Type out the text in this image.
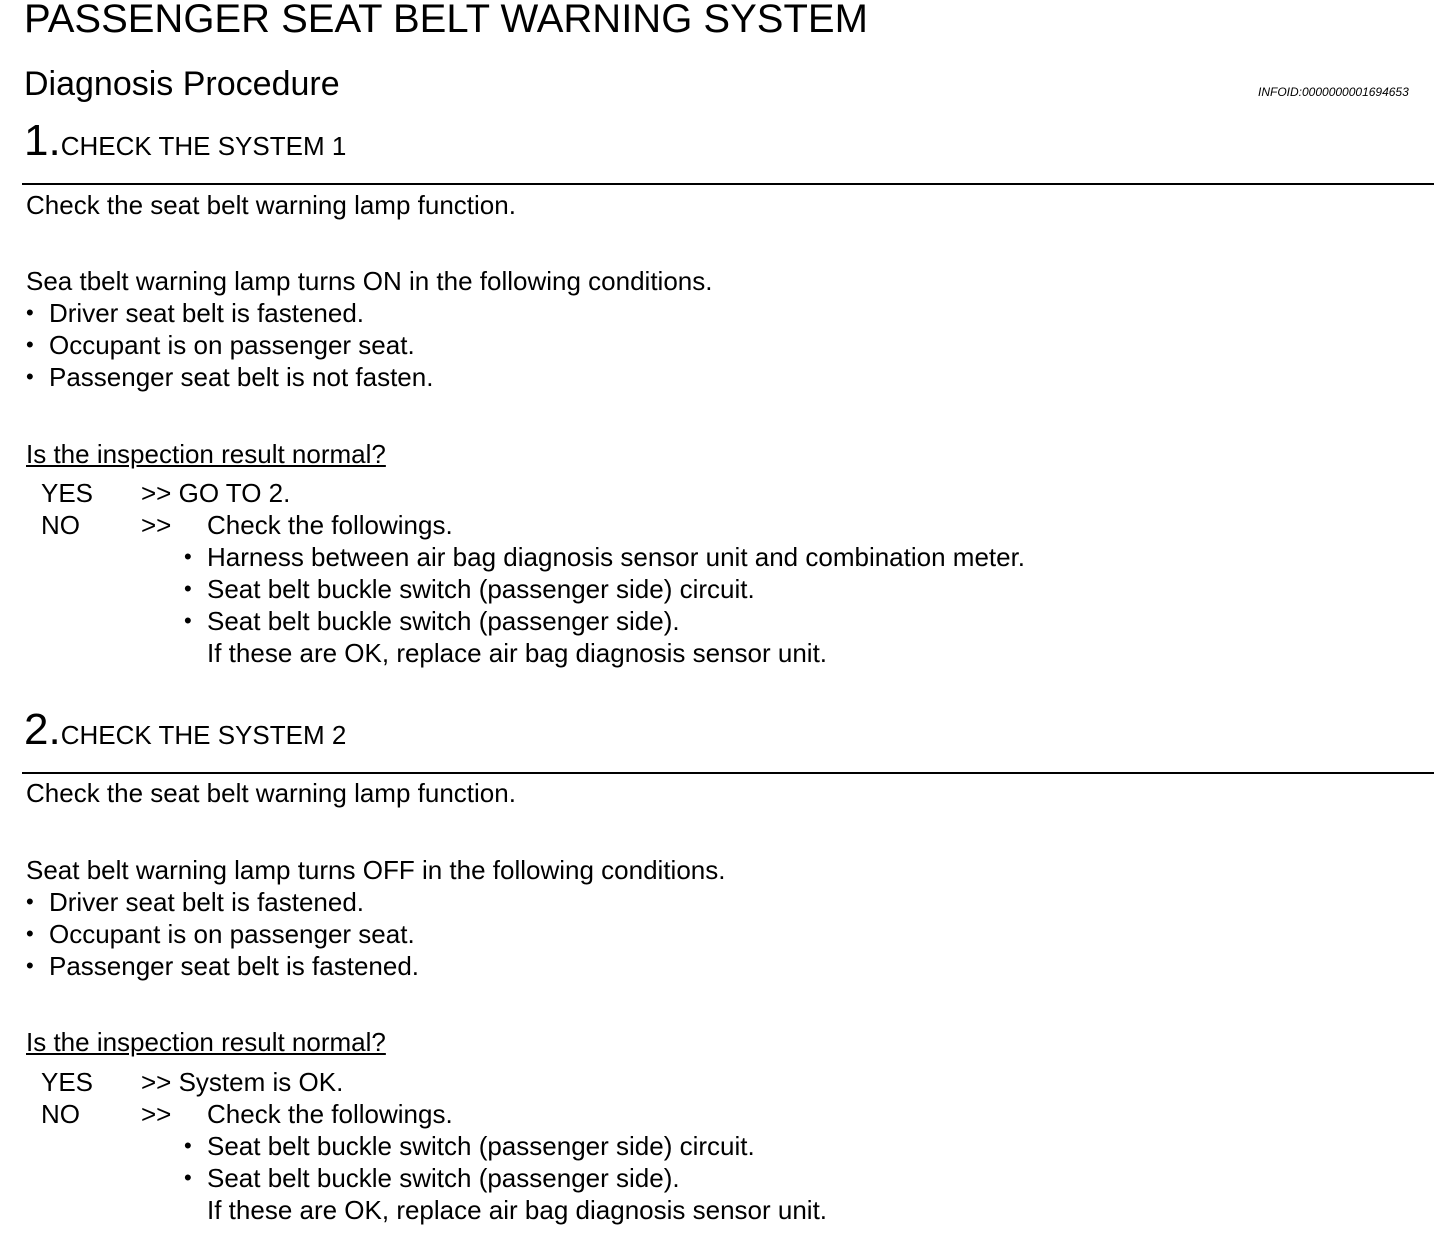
PASSENGER SEAT BELT WARNING SYSTEM
Diagnosis Procedure	INFOID:0000000001694653
1.CHECK THE SYSTEM 1
Check the seat belt warning lamp function.
Sea tbelt warning lamp turns ON in the following conditions.
• Driver seat belt is fastened.
• Occupant is on passenger seat.
• Passenger seat belt is not fasten.
Is the inspection result normal?
YES >> GO TO 2.
NO >> Check the followings.
• Harness between air bag diagnosis sensor unit and combination meter.
• Seat belt buckle switch (passenger side) circuit.
• Seat belt buckle switch (passenger side).
If these are OK, replace air bag diagnosis sensor unit.
2.CHECK THE SYSTEM 2
Check the seat belt warning lamp function.
Seat belt warning lamp turns OFF in the following conditions.
• Driver seat belt is fastened.
• Occupant is on passenger seat.
• Passenger seat belt is fastened.
Is the inspection result normal?
YES >> System is OK.
NO >> Check the followings.
• Seat belt buckle switch (passenger side) circuit.
• Seat belt buckle switch (passenger side).
If these are OK, replace air bag diagnosis sensor unit.
